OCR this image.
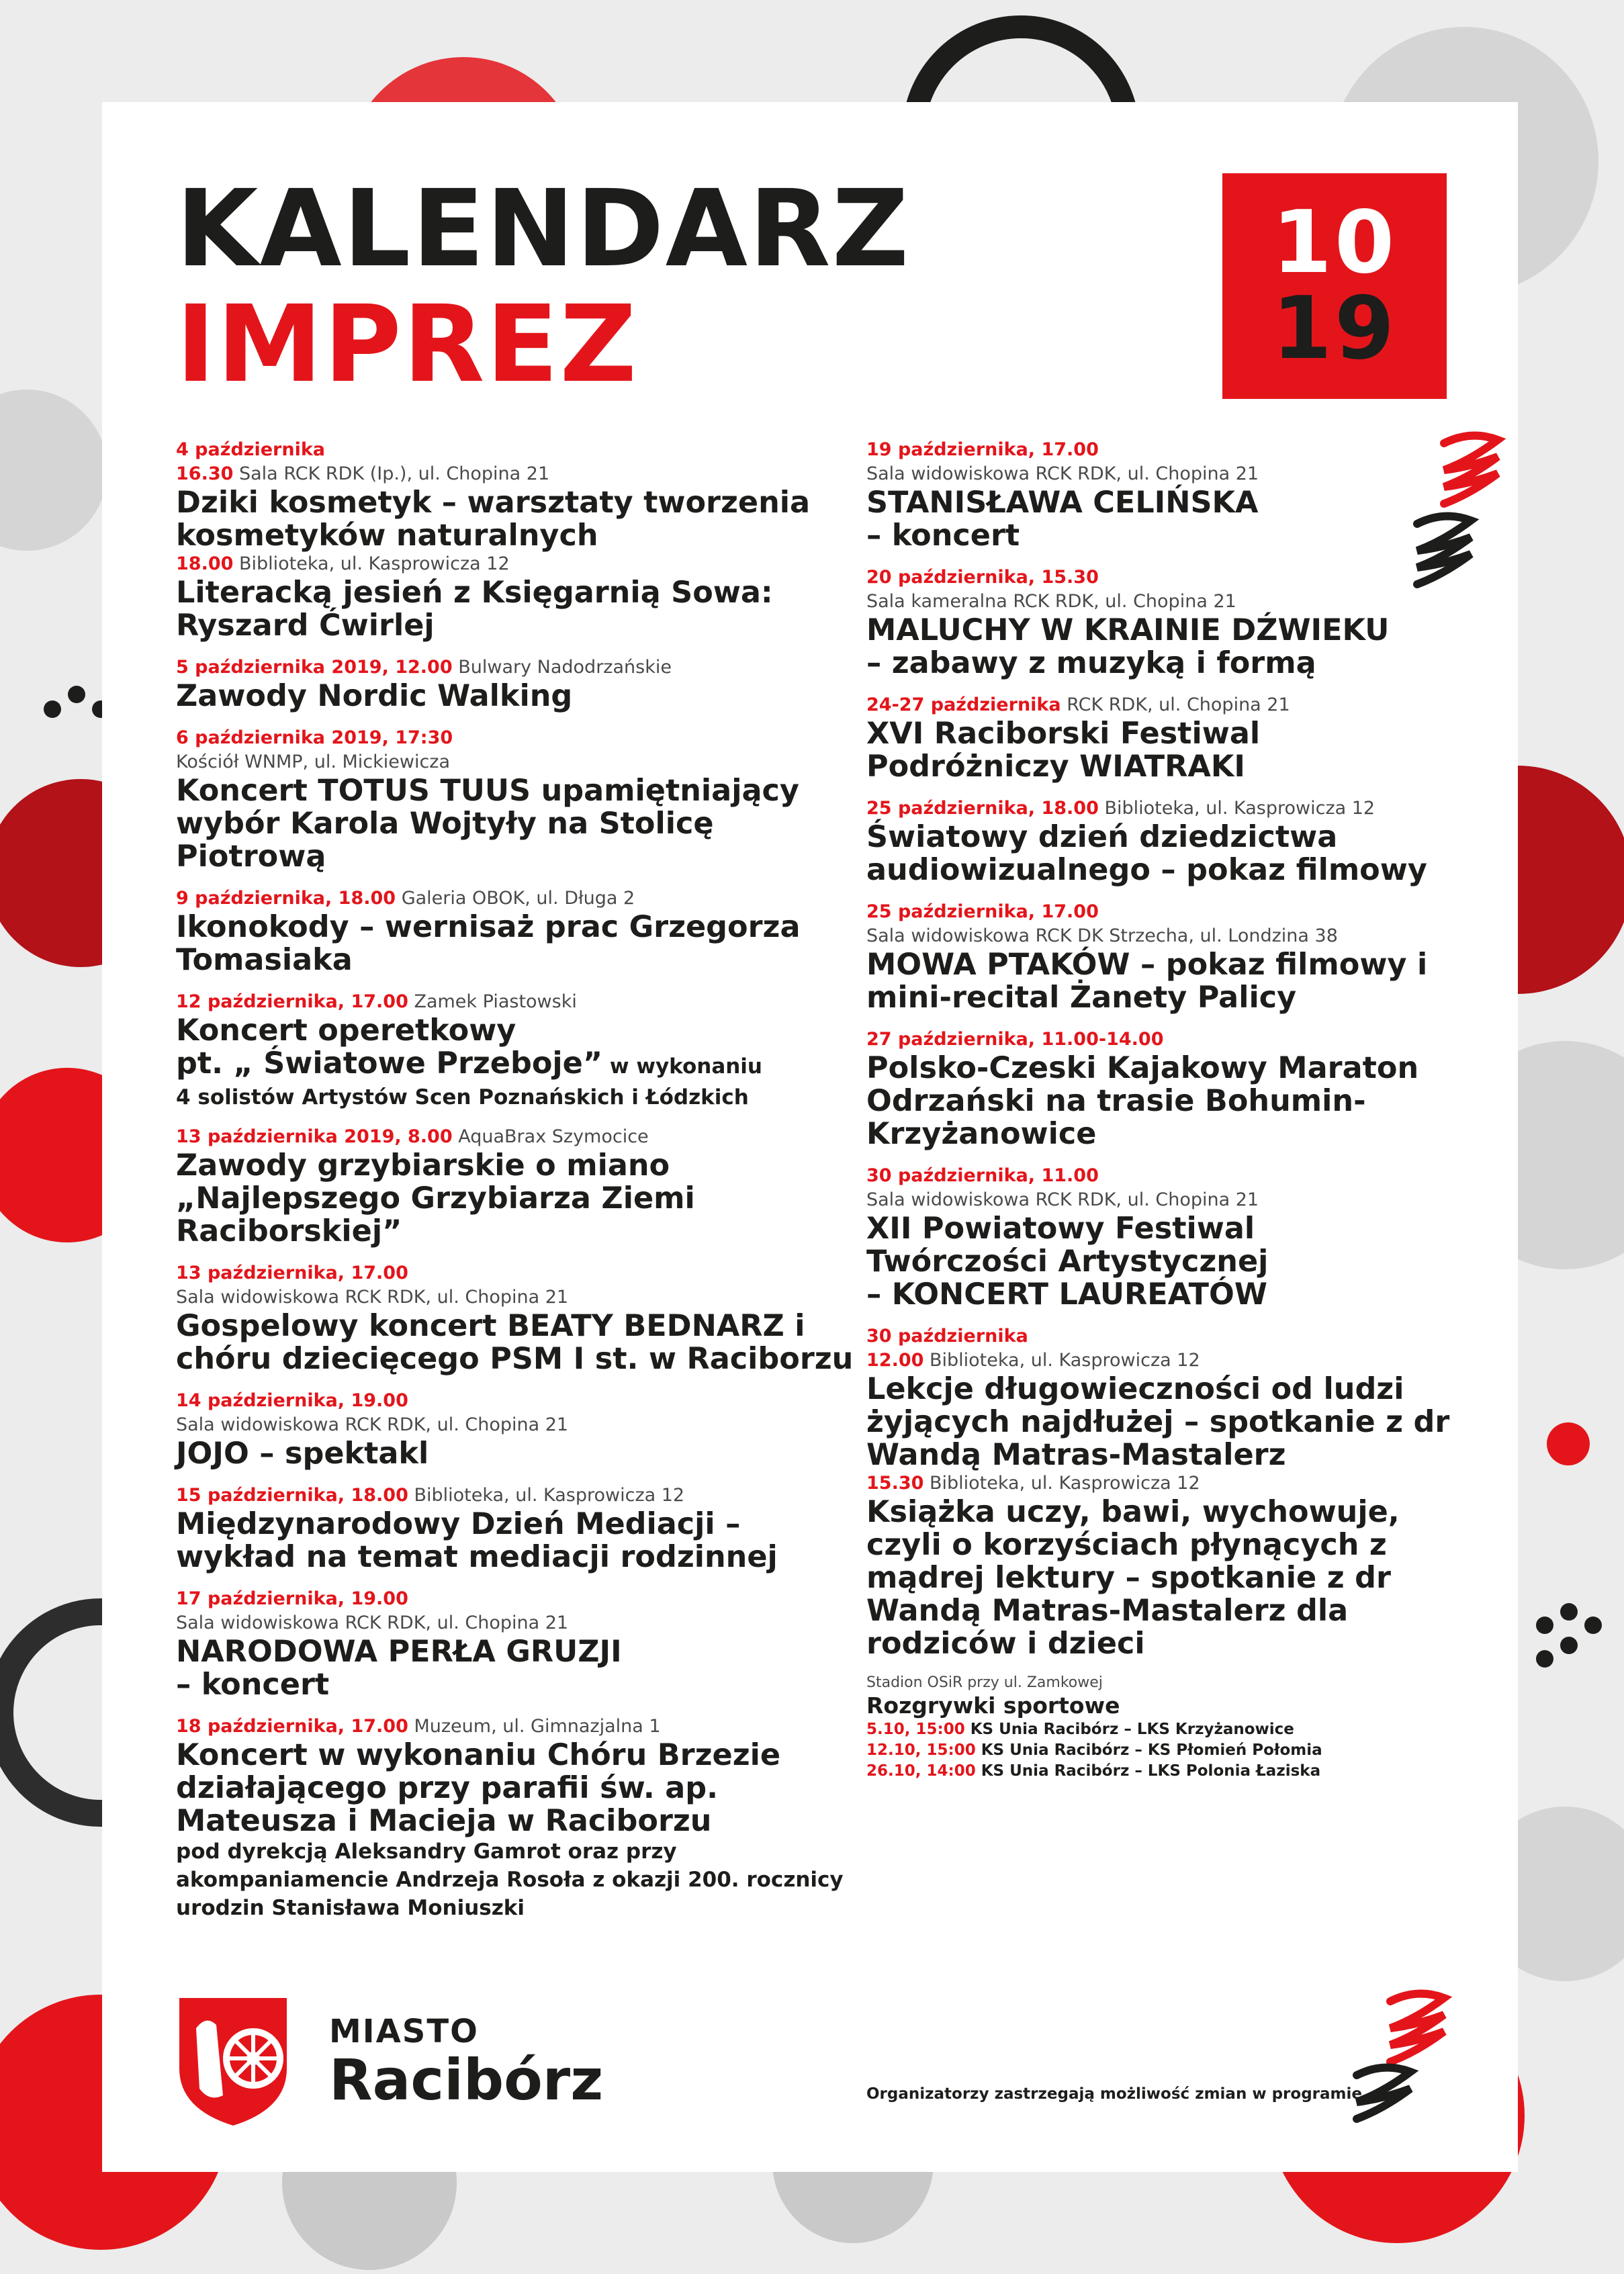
KALENDARZ
IMPREZ
10
19
4 października
16.30 Sala RCK RDK (Ip.), ul. Chopina 21
Dziki kosmetyk – warsztaty tworzenia kosmetyków naturalnych
18.00 Biblioteka, ul. Kasprowicza 12
Literacką jesień z Księgarnią Sowa: Ryszard Ćwirlej
5 października 2019, 12.00 Bulwary Nadodrzańskie
Zawody Nordic Walking
6 października 2019, 17:30
Kościół WNMP, ul. Mickiewicza
Koncert TOTUS TUUS upamiętniający wybór Karola Wojtyły na Stolicę Piotrową
9 października, 18.00 Galeria OBOK, ul. Długa 2
Ikonokody – wernisaż prac Grzegorza Tomasiaka
12 października, 17.00 Zamek Piastowski
Koncert operetkowy
pt. „ Światowe Przeboje” w wykonaniu
4 solistów Artystów Scen Poznańskich i Łódzkich
13 października 2019, 8.00 AquaBrax Szymocice
Zawody grzybiarskie o miano „Najlepszego Grzybiarza Ziemi Raciborskiej”
13 października, 17.00
Sala widowiskowa RCK RDK, ul. Chopina 21
Gospelowy koncert BEATY BEDNARZ i chóru dziecięcego PSM I st. w Raciborzu
14 października, 19.00
Sala widowiskowa RCK RDK, ul. Chopina 21
JOJO – spektakl
15 października, 18.00 Biblioteka, ul. Kasprowicza 12
Międzynarodowy Dzień Mediacji – wykład na temat mediacji rodzinnej
17 października, 19.00
Sala widowiskowa RCK RDK, ul. Chopina 21
NARODOWA PERŁA GRUZJI
– koncert
18 października, 17.00 Muzeum, ul. Gimnazjalna 1
Koncert w wykonaniu Chóru Brzezie działającego przy parafii św. ap. Mateusza i Macieja w Raciborzu
pod dyrekcją Aleksandry Gamrot oraz przy akompaniamencie Andrzeja Rosoła z okazji 200. rocznicy urodzin Stanisława Moniuszki
19 października, 17.00
Sala widowiskowa RCK RDK, ul. Chopina 21
STANISŁAWA CELIŃSKA
– koncert
20 października, 15.30
Sala kameralna RCK RDK, ul. Chopina 21
MALUCHY W KRAINIE DŹWIEKU
– zabawy z muzyką i formą
24-27 października RCK RDK, ul. Chopina 21
XVI Raciborski Festiwal
Podróżniczy WIATRAKI
25 października, 18.00 Biblioteka, ul. Kasprowicza 12
Światowy dzień dziedzictwa audiowizualnego – pokaz filmowy
25 października, 17.00
Sala widowiskowa RCK DK Strzecha, ul. Londzina 38
MOWA PTAKÓW – pokaz filmowy i mini-recital Żanety Palicy
27 października, 11.00-14.00
Polsko-Czeski Kajakowy Maraton Odrzański na trasie Bohumin-Krzyżanowice
30 października, 11.00
Sala widowiskowa RCK RDK, ul. Chopina 21
XII Powiatowy Festiwal
Twórczości Artystycznej
– KONCERT LAUREATÓW
30 października
12.00 Biblioteka, ul. Kasprowicza 12
Lekcje długowieczności od ludzi żyjących najdłużej – spotkanie z dr Wandą Matras-Mastalerz
15.30 Biblioteka, ul. Kasprowicza 12
Książka uczy, bawi, wychowuje, czyli o korzyściach płynących z mądrej lektury – spotkanie z dr Wandą Matras-Mastalerz dla rodziców i dzieci
Stadion OSiR przy ul. Zamkowej
Rozgrywki sportowe
5.10, 15:00 KS Unia Racibórz – LKS Krzyżanowice
12.10, 15:00 KS Unia Racibórz – KS Płomień Połomia
26.10, 14:00 KS Unia Racibórz – LKS Polonia Łaziska
MIASTO
Racibórz	Organizatorzy zastrzegają możliwość zmian w programie
